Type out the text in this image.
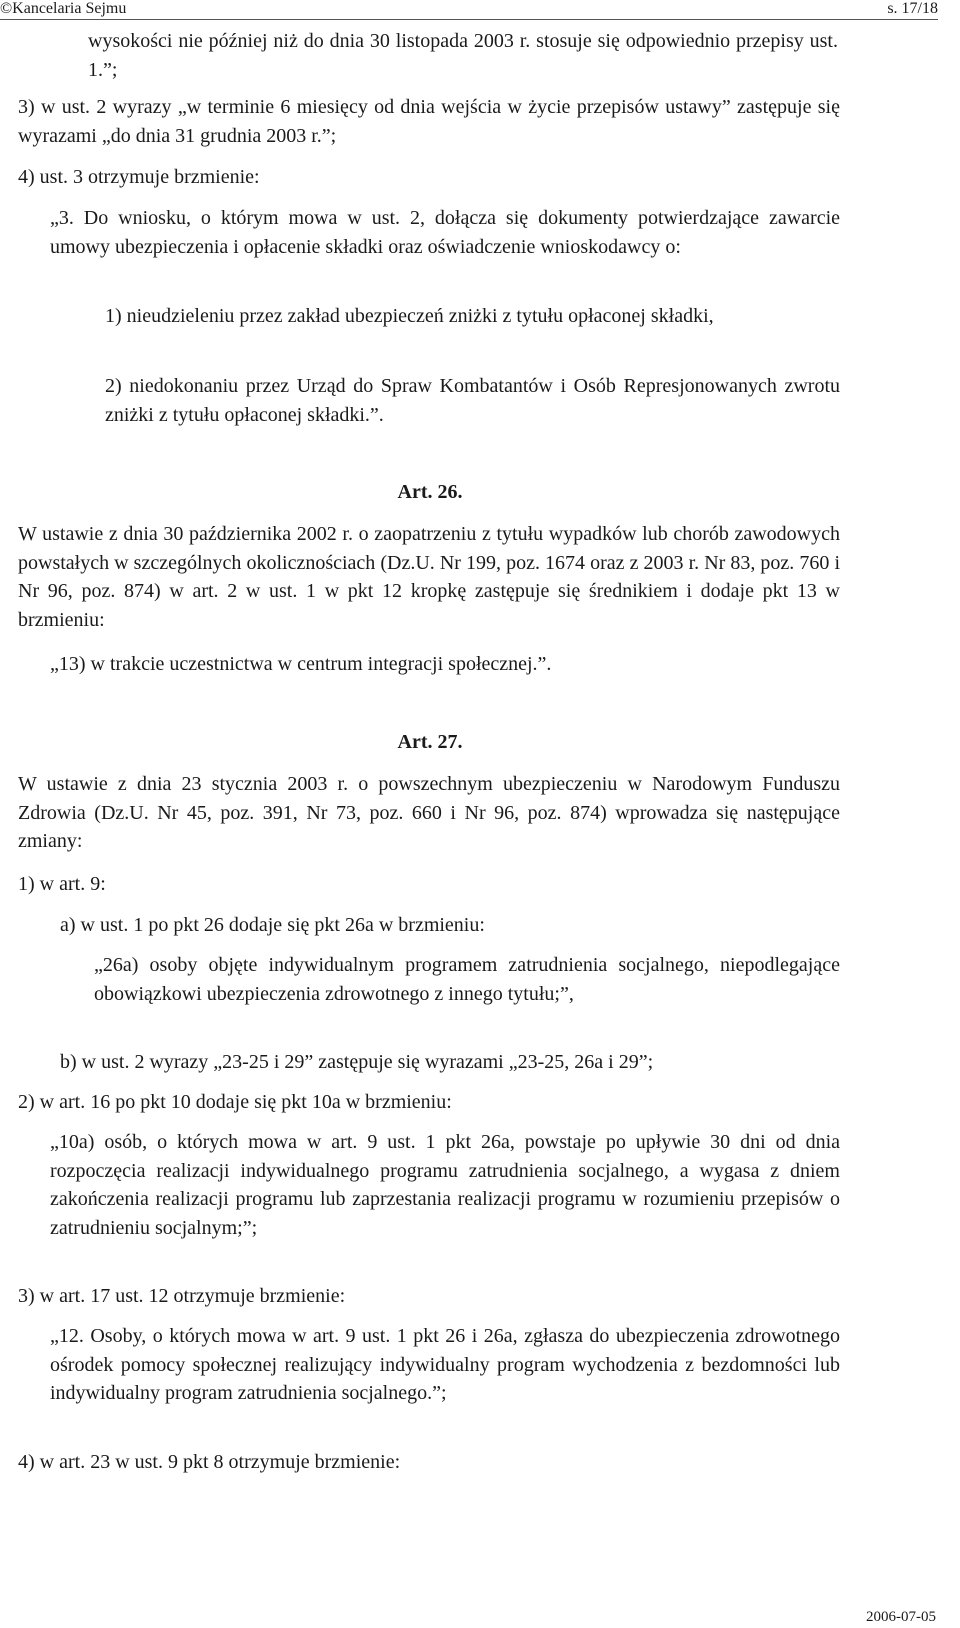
©Kancelaria Sejmu	s. 17/18
wysokości nie później niż do dnia 30 listopada 2003 r. stosuje się odpowiednio przepisy ust. 1.”;
3) w ust. 2 wyrazy „w terminie 6 miesięcy od dnia wejścia w życie przepisów ustawy” zastępuje się wyrazami „do dnia 31 grudnia 2003 r.”;
4) ust. 3 otrzymuje brzmienie:
„3. Do wniosku, o którym mowa w ust. 2, dołącza się dokumenty potwierdzające zawarcie umowy ubezpieczenia i opłacenie składki oraz oświadczenie wnioskodawcy o:
1) nieudzieleniu przez zakład ubezpieczeń zniżki z tytułu opłaconej składki,
2) niedokonaniu przez Urząd do Spraw Kombatantów i Osób Represjonowanych zwrotu zniżki z tytułu opłaconej składki.”.
Art. 26.
W ustawie z dnia 30 października 2002 r. o zaopatrzeniu z tytułu wypadków lub chorób zawodowych powstałych w szczególnych okolicznościach (Dz.U. Nr 199, poz. 1674 oraz z 2003 r. Nr 83, poz. 760 i Nr 96, poz. 874) w art. 2 w ust. 1 w pkt 12 kropkę zastępuje się średnikiem i dodaje pkt 13 w brzmieniu:
„13) w trakcie uczestnictwa w centrum integracji społecznej.”.
Art. 27.
W ustawie z dnia 23 stycznia 2003 r. o powszechnym ubezpieczeniu w Narodowym Funduszu Zdrowia (Dz.U. Nr 45, poz. 391, Nr 73, poz. 660 i Nr 96, poz. 874) wprowadza się następujące zmiany:
1) w art. 9:
a) w ust. 1 po pkt 26 dodaje się pkt 26a w brzmieniu:
„26a) osoby objęte indywidualnym programem zatrudnienia socjalnego, niepodlegające obowiązkowi ubezpieczenia zdrowotnego z innego tytułu;”,
b) w ust. 2 wyrazy „23-25 i 29” zastępuje się wyrazami „23-25, 26a i 29”;
2) w art. 16 po pkt 10 dodaje się pkt 10a w brzmieniu:
„10a) osób, o których mowa w art. 9 ust. 1 pkt 26a, powstaje po upływie 30 dni od dnia rozpoczęcia realizacji indywidualnego programu zatrudnienia socjalnego, a wygasa z dniem zakończenia realizacji programu lub zaprzestania realizacji programu w rozumieniu przepisów o zatrudnieniu socjalnym;”;
3) w art. 17 ust. 12 otrzymuje brzmienie:
„12. Osoby, o których mowa w art. 9 ust. 1 pkt 26 i 26a, zgłasza do ubezpieczenia zdrowotnego ośrodek pomocy społecznej realizujący indywidualny program wychodzenia z bezdomności lub indywidualny program zatrudnienia socjalnego.”;
4) w art. 23 w ust. 9 pkt 8 otrzymuje brzmienie:
2006-07-05
